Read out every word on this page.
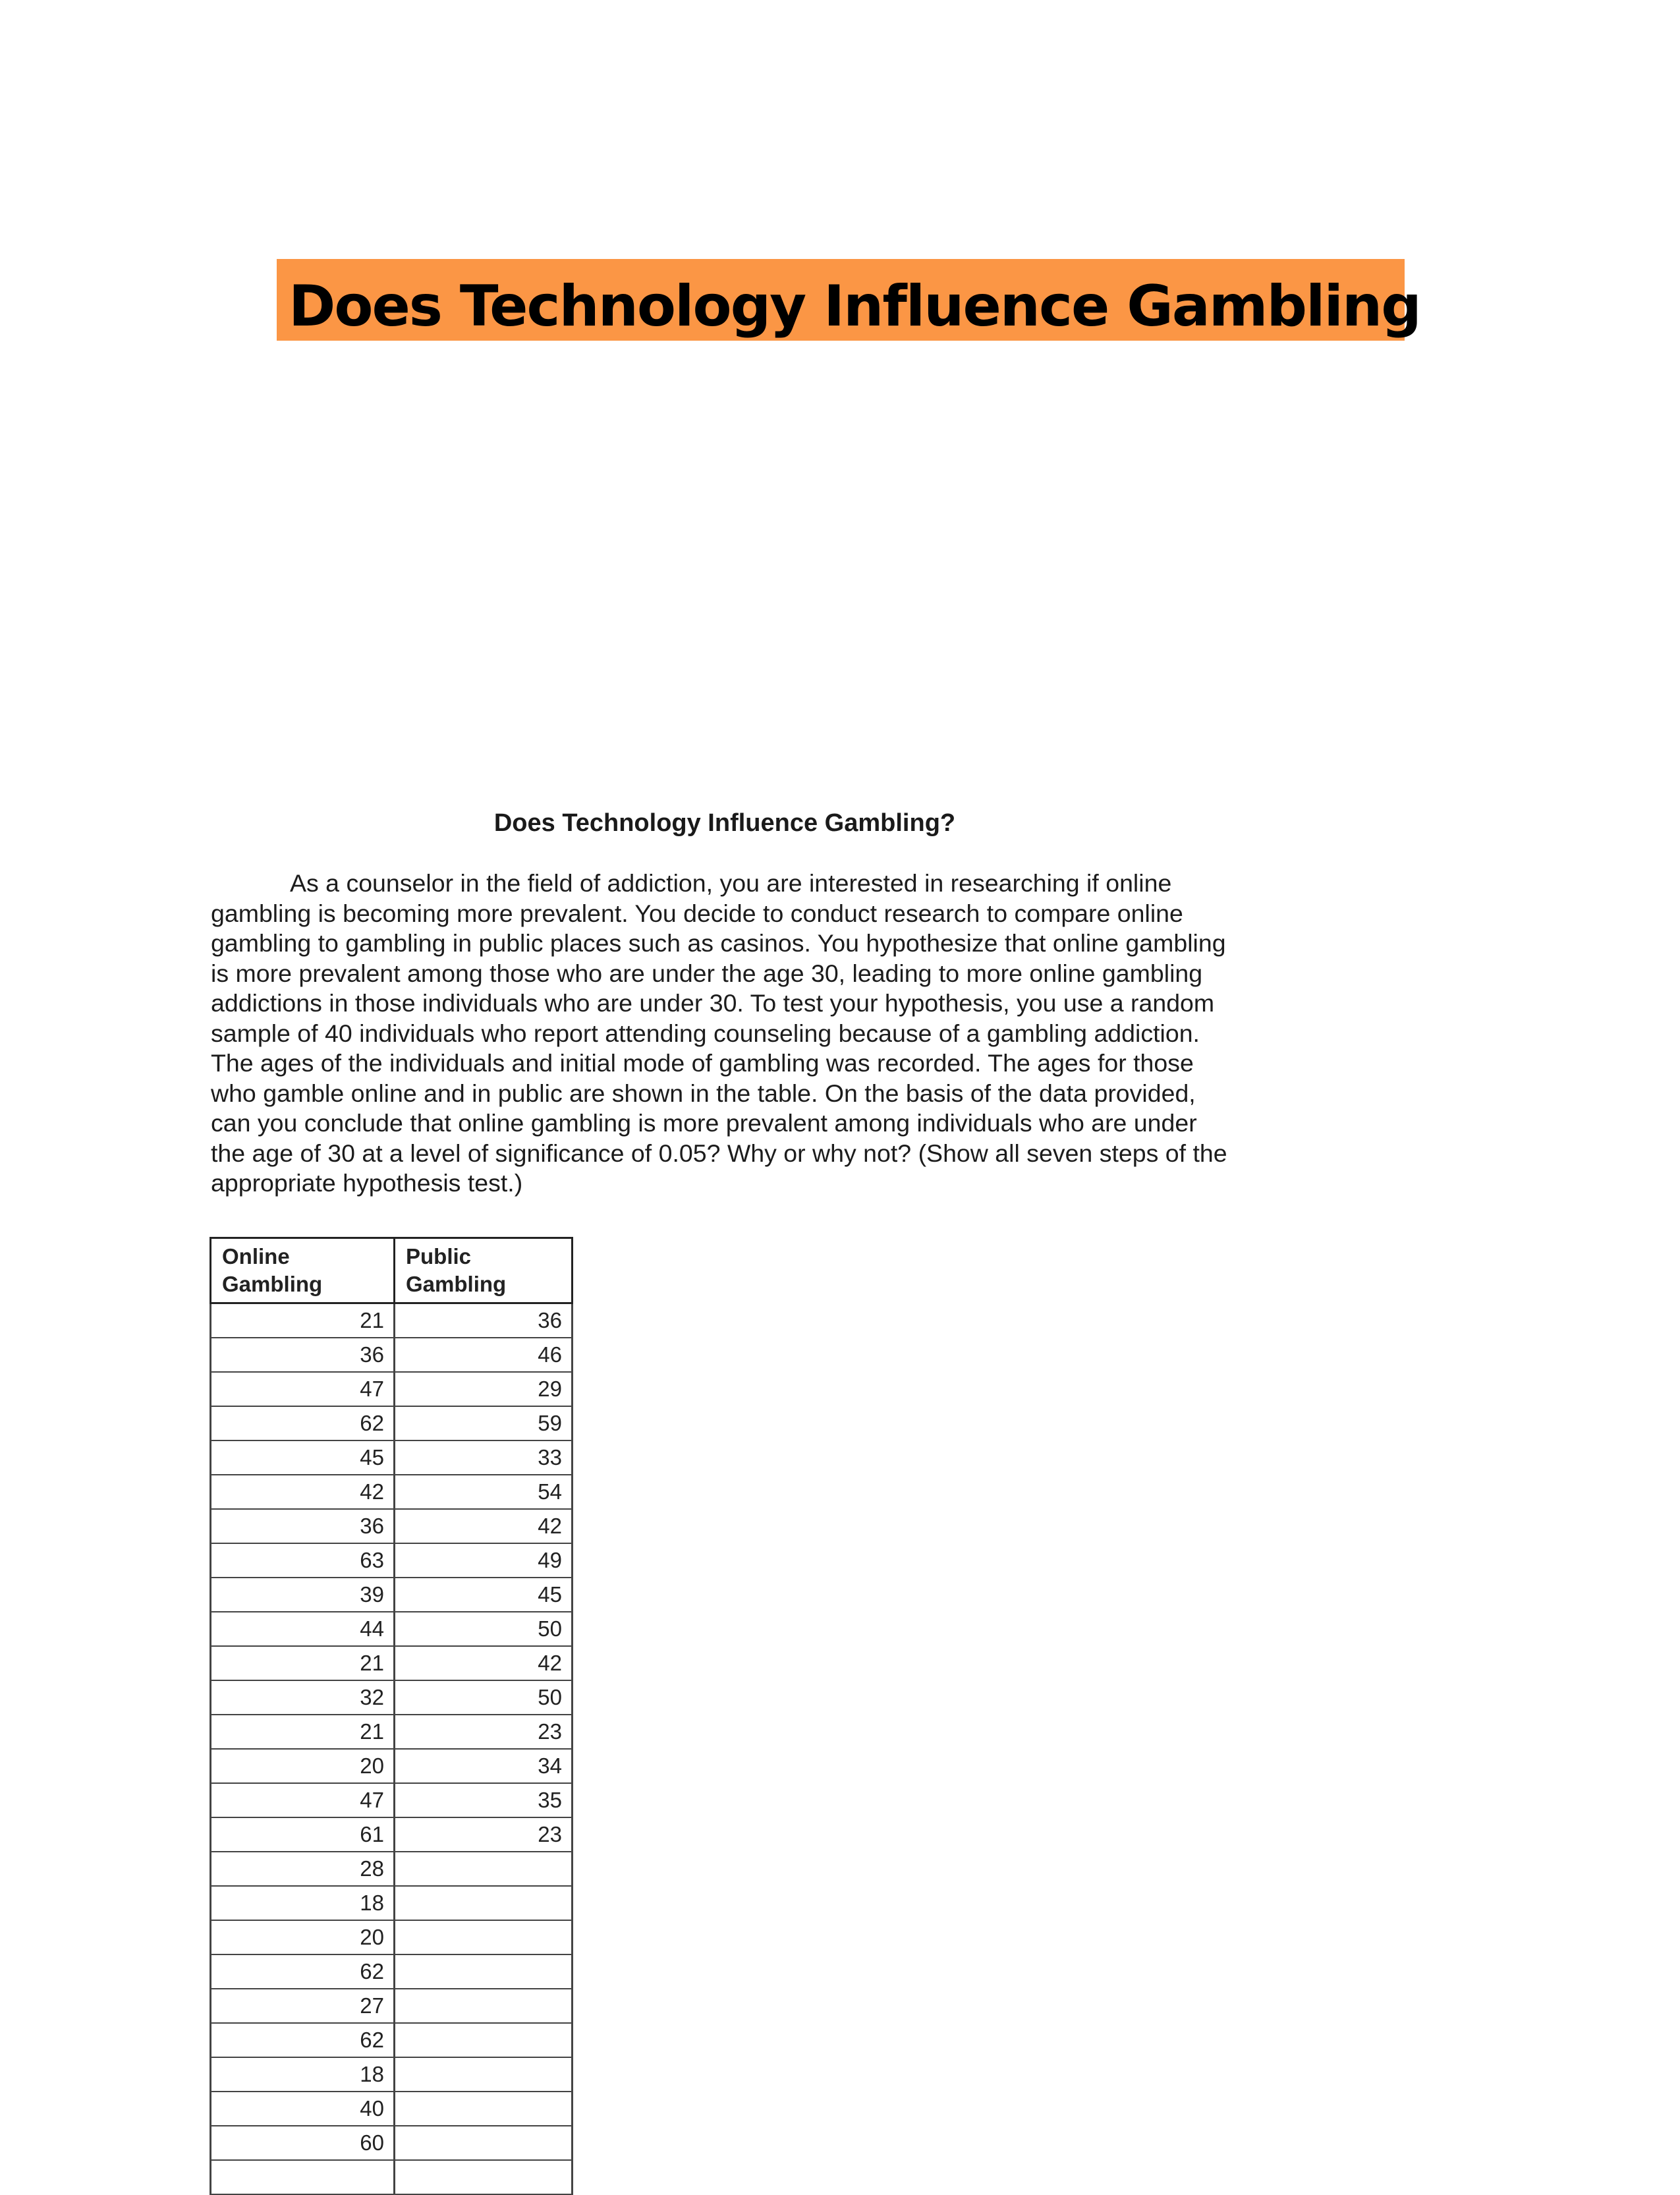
Does Technology Influence Gambling
Does Technology Influence Gambling?

As a counselor in the field of addiction, you are interested in researching if online gambling is becoming more prevalent. You decide to conduct research to compare online gambling to gambling in public places such as casinos. You hypothesize that online gambling is more prevalent among those who are under the age 30, leading to more online gambling addictions in those individuals who are under 30. To test your hypothesis, you use a random sample of 40 individuals who report attending counseling because of a gambling addiction. The ages of the individuals and initial mode of gambling was recorded. The ages for those who gamble online and in public are shown in the table. On the basis of the data provided, can you conclude that online gambling is more prevalent among individuals who are under the age of 30 at a level of significance of 0.05? Why or why not? (Show all seven steps of the appropriate hypothesis test.)

Online Gambling	Public Gambling
21	36
36	46
47	29
62	59
45	33
42	54
36	42
63	49
39	45
44	50
21	42
32	50
21	23
20	34
47	35
61	23
28	
18	
20	
62	
27	
62	
18	
40	
60	
